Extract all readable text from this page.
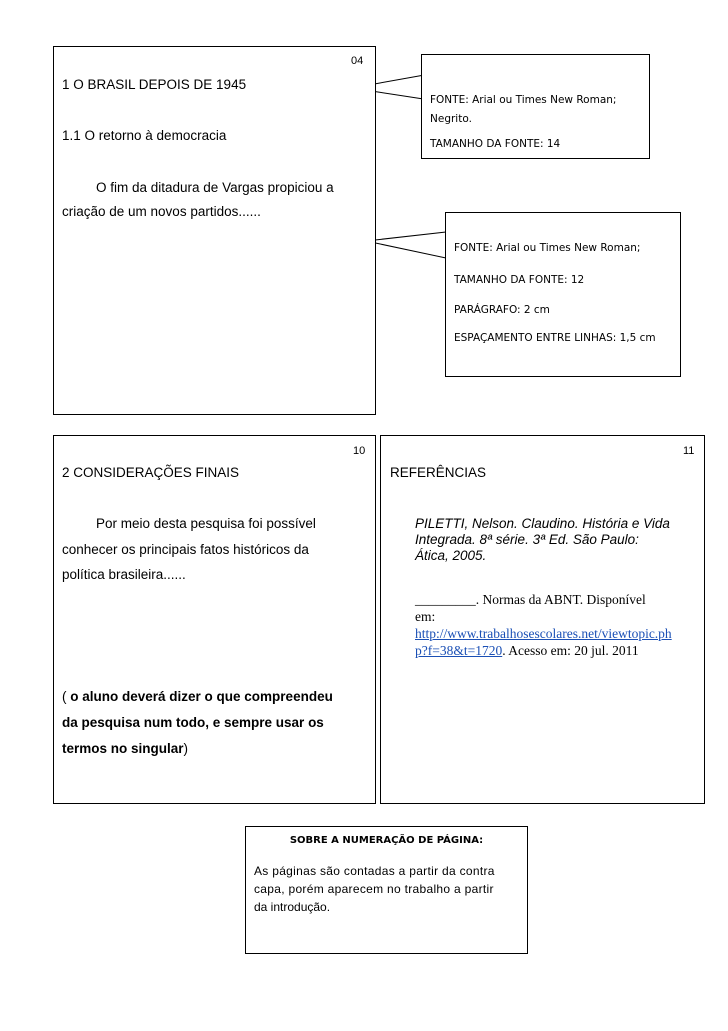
04
1 O BRASIL DEPOIS DE 1945
1.1 O retorno à democracia
O fim da ditadura de Vargas propiciou a
criação de um novos partidos......

FONTE: Arial ou Times New Roman;

Negrito.

TAMANHO DA FONTE: 14

FONTE: Arial ou Times New Roman;

TAMANHO DA FONTE: 12

PARÁGRAFO: 2 cm

ESPAÇAMENTO ENTRE LINHAS: 1,5 cm

10
2 CONSIDERAÇÕES FINAIS
Por meio desta pesquisa foi possível
conhecer os principais fatos históricos da
política brasileira......
( o aluno deverá dizer o que compreendeu
da pesquisa num todo, e sempre usar os
termos no singular)
11
REFERÊNCIAS
PILETTI, Nelson. Claudino. História e Vida
Integrada. 8ª série. 3ª Ed. São Paulo:
Ática, 2005.
_________. Normas da ABNT. Disponível
em:
http://www.trabalhosescolares.net/viewtopic.ph
p?f=38&t=1720. Acesso em: 20 jul. 2011

SOBRE A NUMERAÇÃO DE PÁGINA:

As páginas são contadas a partir da contra

capa, porém aparecem no trabalho a partir

da introdução.
